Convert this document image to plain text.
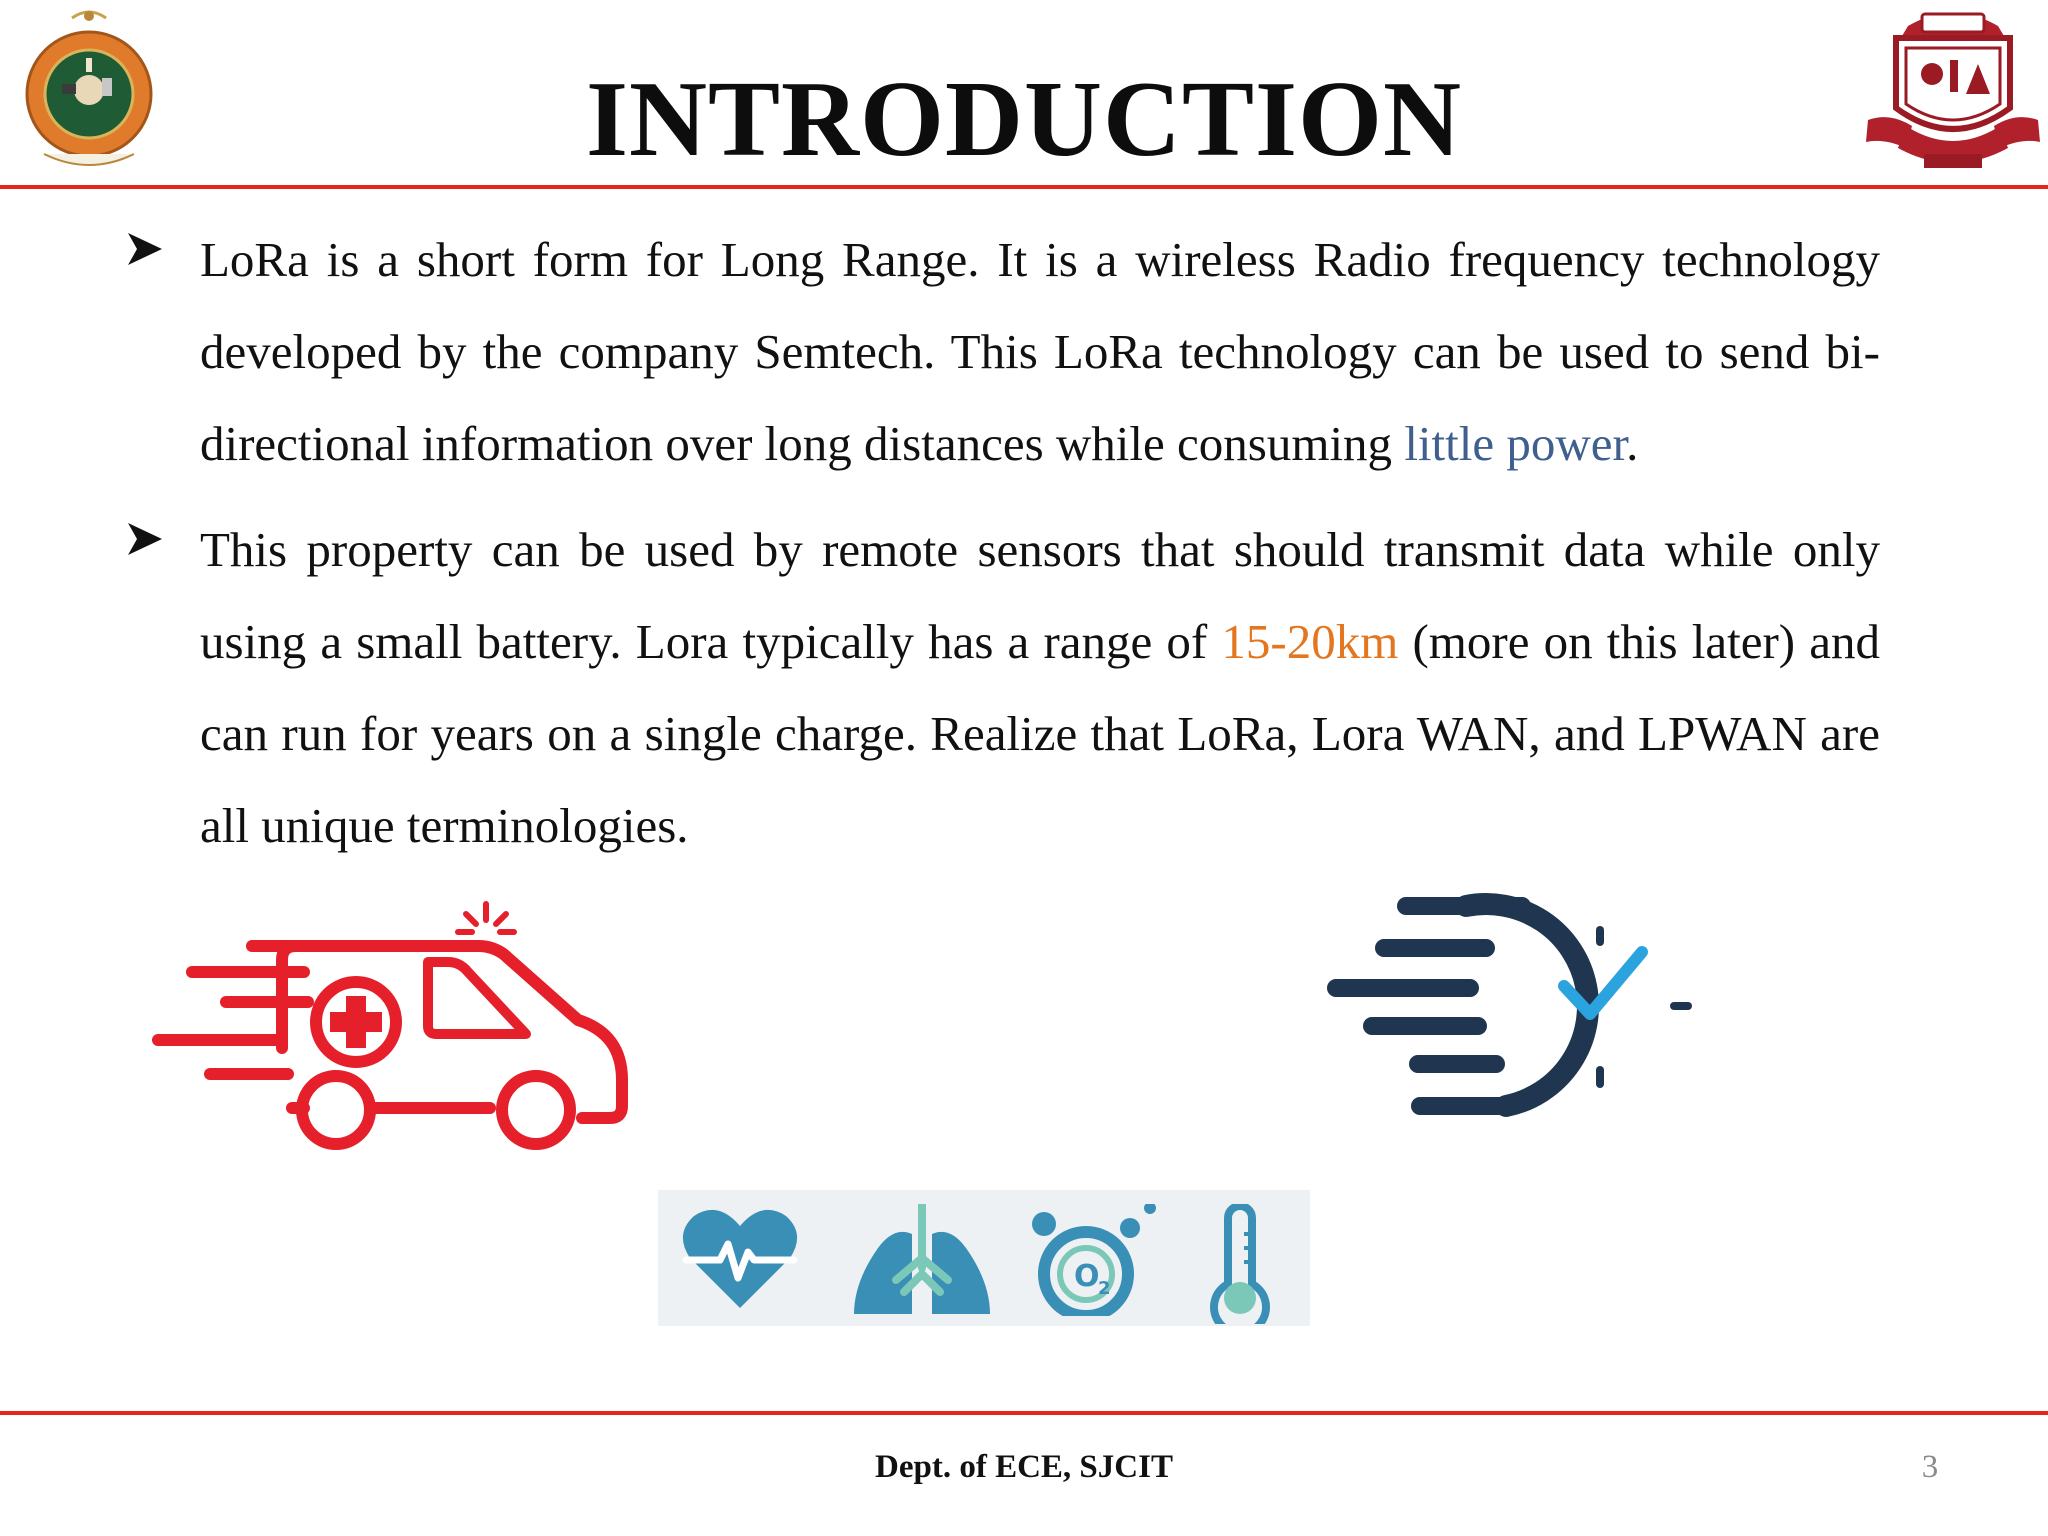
INTRODUCTION

LoRa is a short form for Long Range. It is a wireless Radio frequency technology developed by the company Semtech. This LoRa technology can be used to send bi-directional information over long distances while consuming little power.

This property can be used by remote sensors that should transmit data while only using a small battery. Lora typically has a range of 15-20km (more on this later) and can run for years on a single charge. Realize that LoRa, Lora WAN, and LPWAN are all unique terminologies.

O
2
Dept. of ECE, SJCIT	3
